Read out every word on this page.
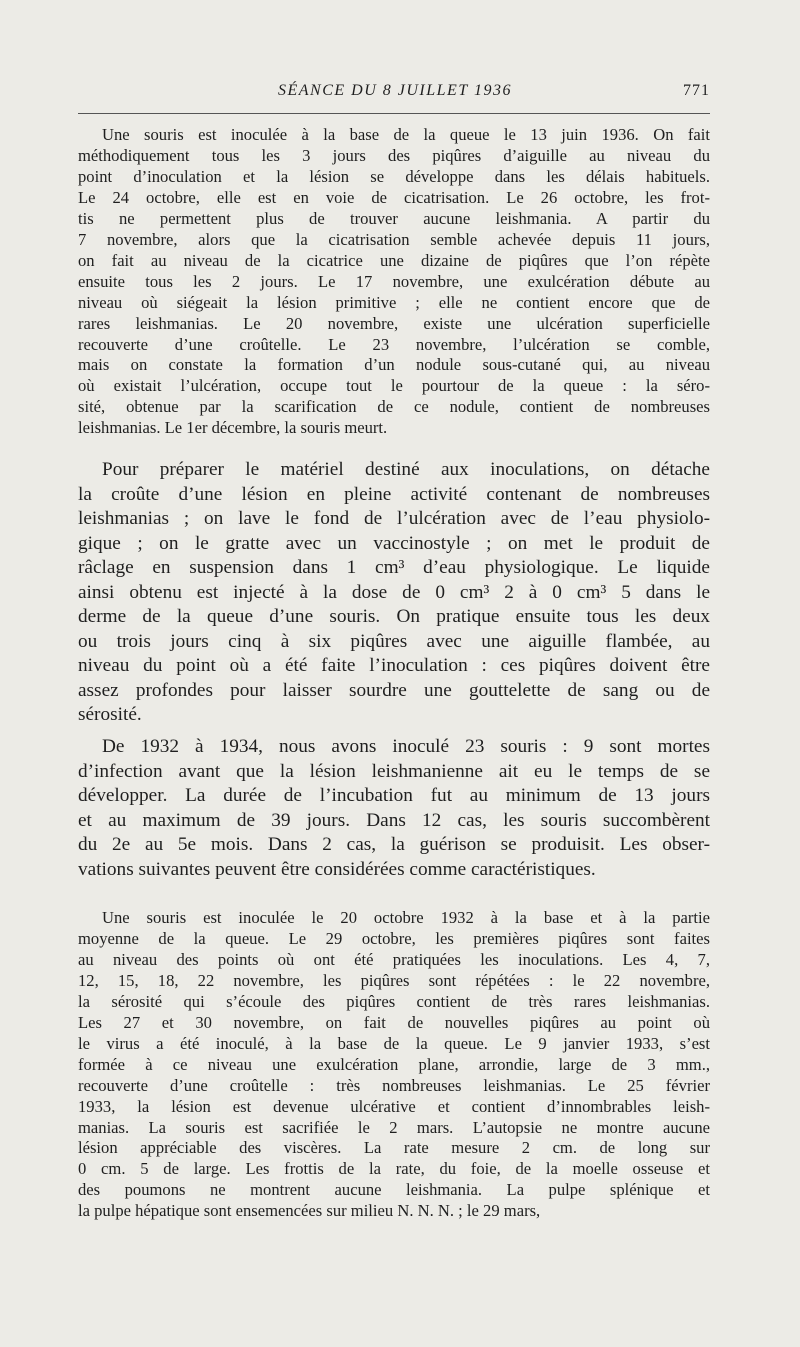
SÉANCE DU 8 JUILLET 1936	771
Une souris est inoculée à la base de la queue le 13 juin 1936. On fait
méthodiquement tous les 3 jours des piqûres d’aiguille au niveau du
point d’inoculation et la lésion se développe dans les délais habituels.
Le 24 octobre, elle est en voie de cicatrisation. Le 26 octobre, les frot-
tis ne permettent plus de trouver aucune leishmania. A partir du
7 novembre, alors que la cicatrisation semble achevée depuis 11 jours,
on fait au niveau de la cicatrice une dizaine de piqûres que l’on répète
ensuite tous les 2 jours. Le 17 novembre, une exulcération débute au
niveau où siégeait la lésion primitive ; elle ne contient encore que de
rares leishmanias. Le 20 novembre, existe une ulcération superficielle
recouverte d’une croûtelle. Le 23 novembre, l’ulcération se comble,
mais on constate la formation d’un nodule sous-cutané qui, au niveau
où existait l’ulcération, occupe tout le pourtour de la queue : la séro-
sité, obtenue par la scarification de ce nodule, contient de nombreuses
leishmanias. Le 1er décembre, la souris meurt.
Pour préparer le matériel destiné aux inoculations, on détache
la croûte d’une lésion en pleine activité contenant de nombreuses
leishmanias ; on lave le fond de l’ulcération avec de l’eau physiolo-
gique ; on le gratte avec un vaccinostyle ; on met le produit de
râclage en suspension dans 1 cm³ d’eau physiologique. Le liquide
ainsi obtenu est injecté à la dose de 0 cm³ 2 à 0 cm³ 5 dans le
derme de la queue d’une souris. On pratique ensuite tous les deux
ou trois jours cinq à six piqûres avec une aiguille flambée, au
niveau du point où a été faite l’inoculation : ces piqûres doivent être
assez profondes pour laisser sourdre une gouttelette de sang ou de
sérosité.
De 1932 à 1934, nous avons inoculé 23 souris : 9 sont mortes
d’infection avant que la lésion leishmanienne ait eu le temps de se
développer. La durée de l’incubation fut au minimum de 13 jours
et au maximum de 39 jours. Dans 12 cas, les souris succombèrent
du 2e au 5e mois. Dans 2 cas, la guérison se produisit. Les obser-
vations suivantes peuvent être considérées comme caractéristiques.
Une souris est inoculée le 20 octobre 1932 à la base et à la partie
moyenne de la queue. Le 29 octobre, les premières piqûres sont faites
au niveau des points où ont été pratiquées les inoculations. Les 4, 7,
12, 15, 18, 22 novembre, les piqûres sont répétées : le 22 novembre,
la sérosité qui s’écoule des piqûres contient de très rares leishmanias.
Les 27 et 30 novembre, on fait de nouvelles piqûres au point où
le virus a été inoculé, à la base de la queue. Le 9 janvier 1933, s’est
formée à ce niveau une exulcération plane, arrondie, large de 3 mm.,
recouverte d’une croûtelle : très nombreuses leishmanias. Le 25 février
1933, la lésion est devenue ulcérative et contient d’innombrables leish-
manias. La souris est sacrifiée le 2 mars. L’autopsie ne montre aucune
lésion appréciable des viscères. La rate mesure 2 cm. de long sur
0 cm. 5 de large. Les frottis de la rate, du foie, de la moelle osseuse et
des poumons ne montrent aucune leishmania. La pulpe splénique et
la pulpe hépatique sont ensemencées sur milieu N. N. N. ; le 29 mars,
